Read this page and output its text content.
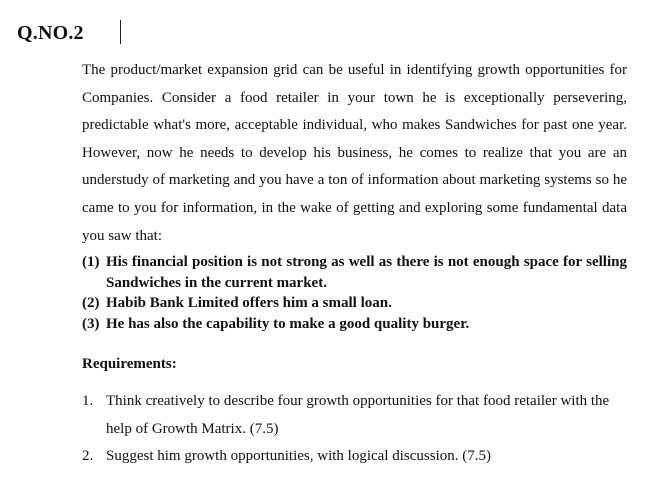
Q.NO.2

The product/market expansion grid can be useful in identifying growth opportunities for Companies. Consider a food retailer in your town he is exceptionally persevering, predictable what's more, acceptable individual, who makes Sandwiches for past one year. However, now he needs to develop his business, he comes to realize that you are an understudy of marketing and you have a ton of information about marketing systems so he came to you for information, in the wake of getting and exploring some fundamental data you saw that:

(1) His financial position is not strong as well as there is not enough space for selling Sandwiches in the current market.
(2) Habib Bank Limited offers him a small loan.
(3) He has also the capability to make a good quality burger.
Requirements:
1. Think creatively to describe four growth opportunities for that food retailer with the help of Growth Matrix. (7.5)
2. Suggest him growth opportunities, with logical discussion. (7.5)
